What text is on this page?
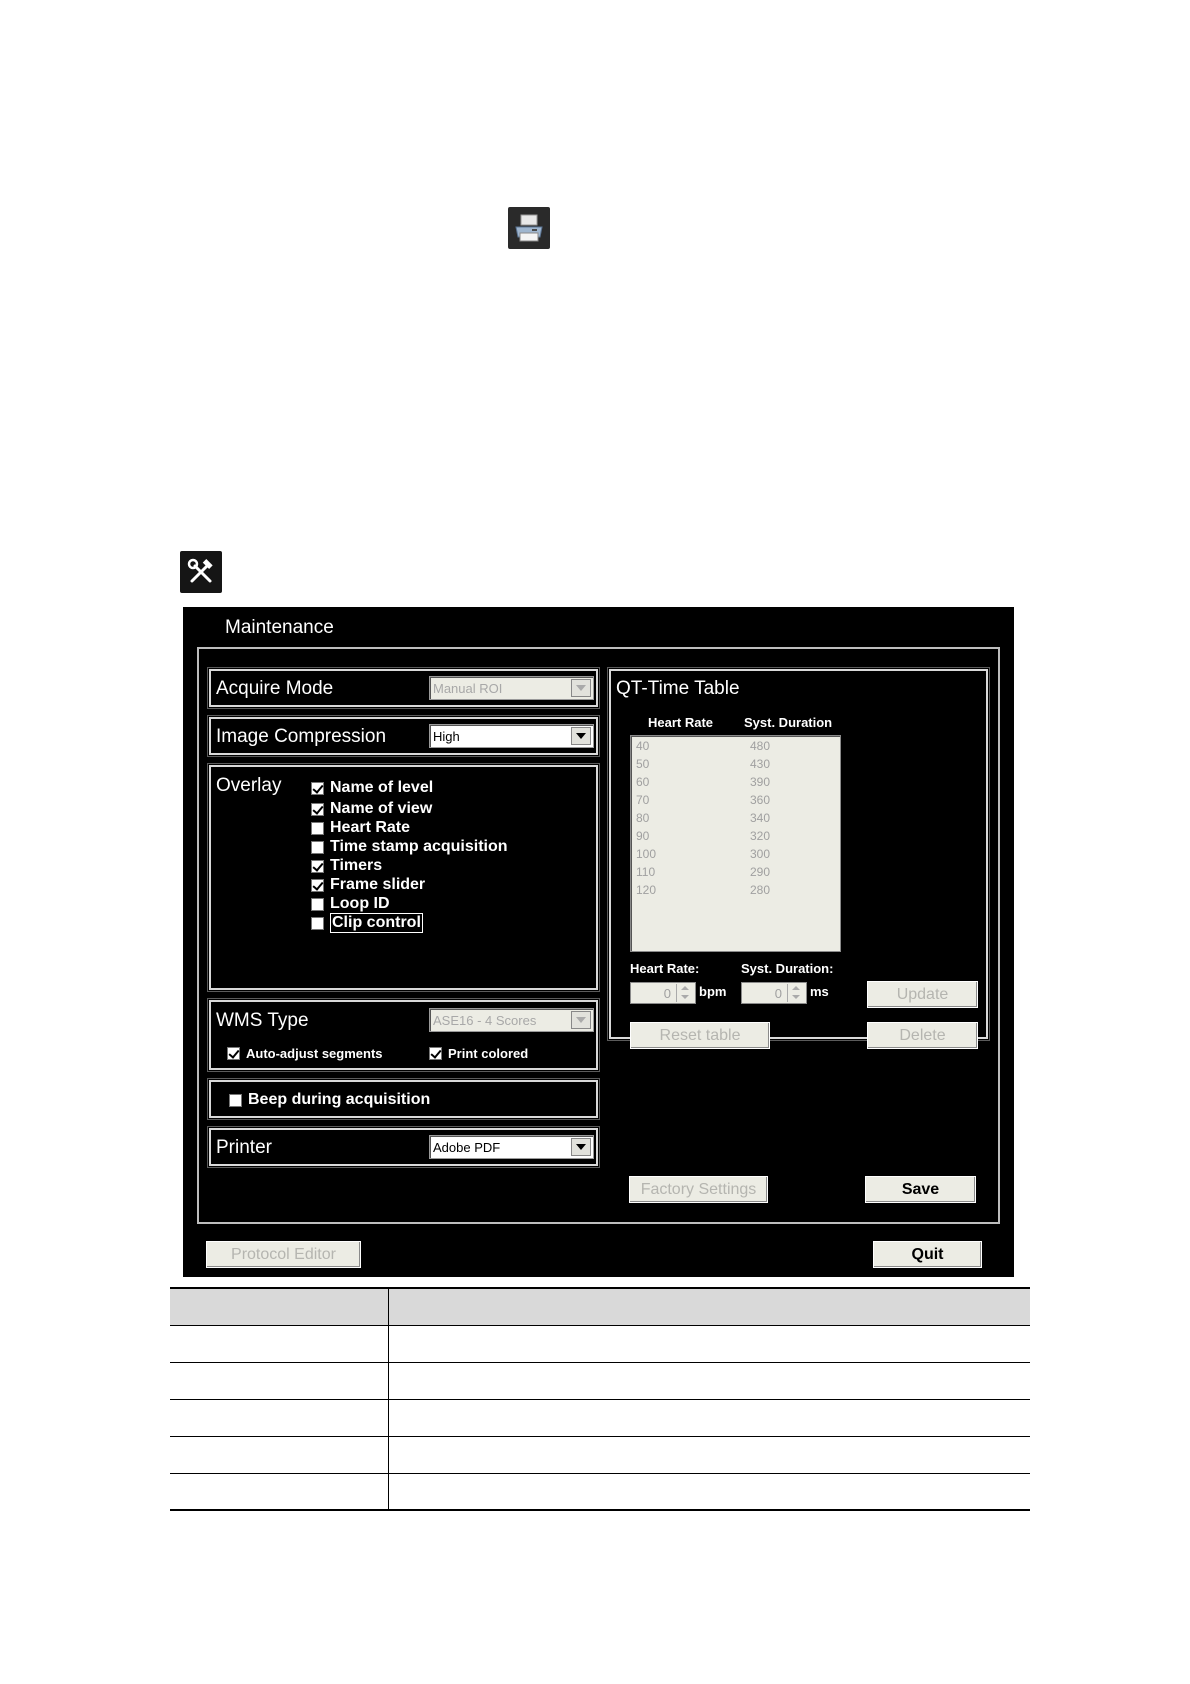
Maintenance
Acquire Mode	Manual ROI
Image Compression	High
Overlay	Name of level
Name of view
Heart Rate
Time stamp acquisition
Timers
Frame slider
Loop ID
Clip control
WMS Type	ASE16 - 4 Scores
Auto-adjust segments	Print colored
Beep during acquisition
Printer	Adobe PDF
QT-Time Table
Heart Rate Syst. Duration
40	480
50	430
60	390
70	360
80	340
90	320
100	300
110	290
120	280
Heart Rate:	Syst. Duration:
0 bpm	0 ms	Update
Reset table	Delete
Factory Settings	Save
Protocol Editor	Quit
